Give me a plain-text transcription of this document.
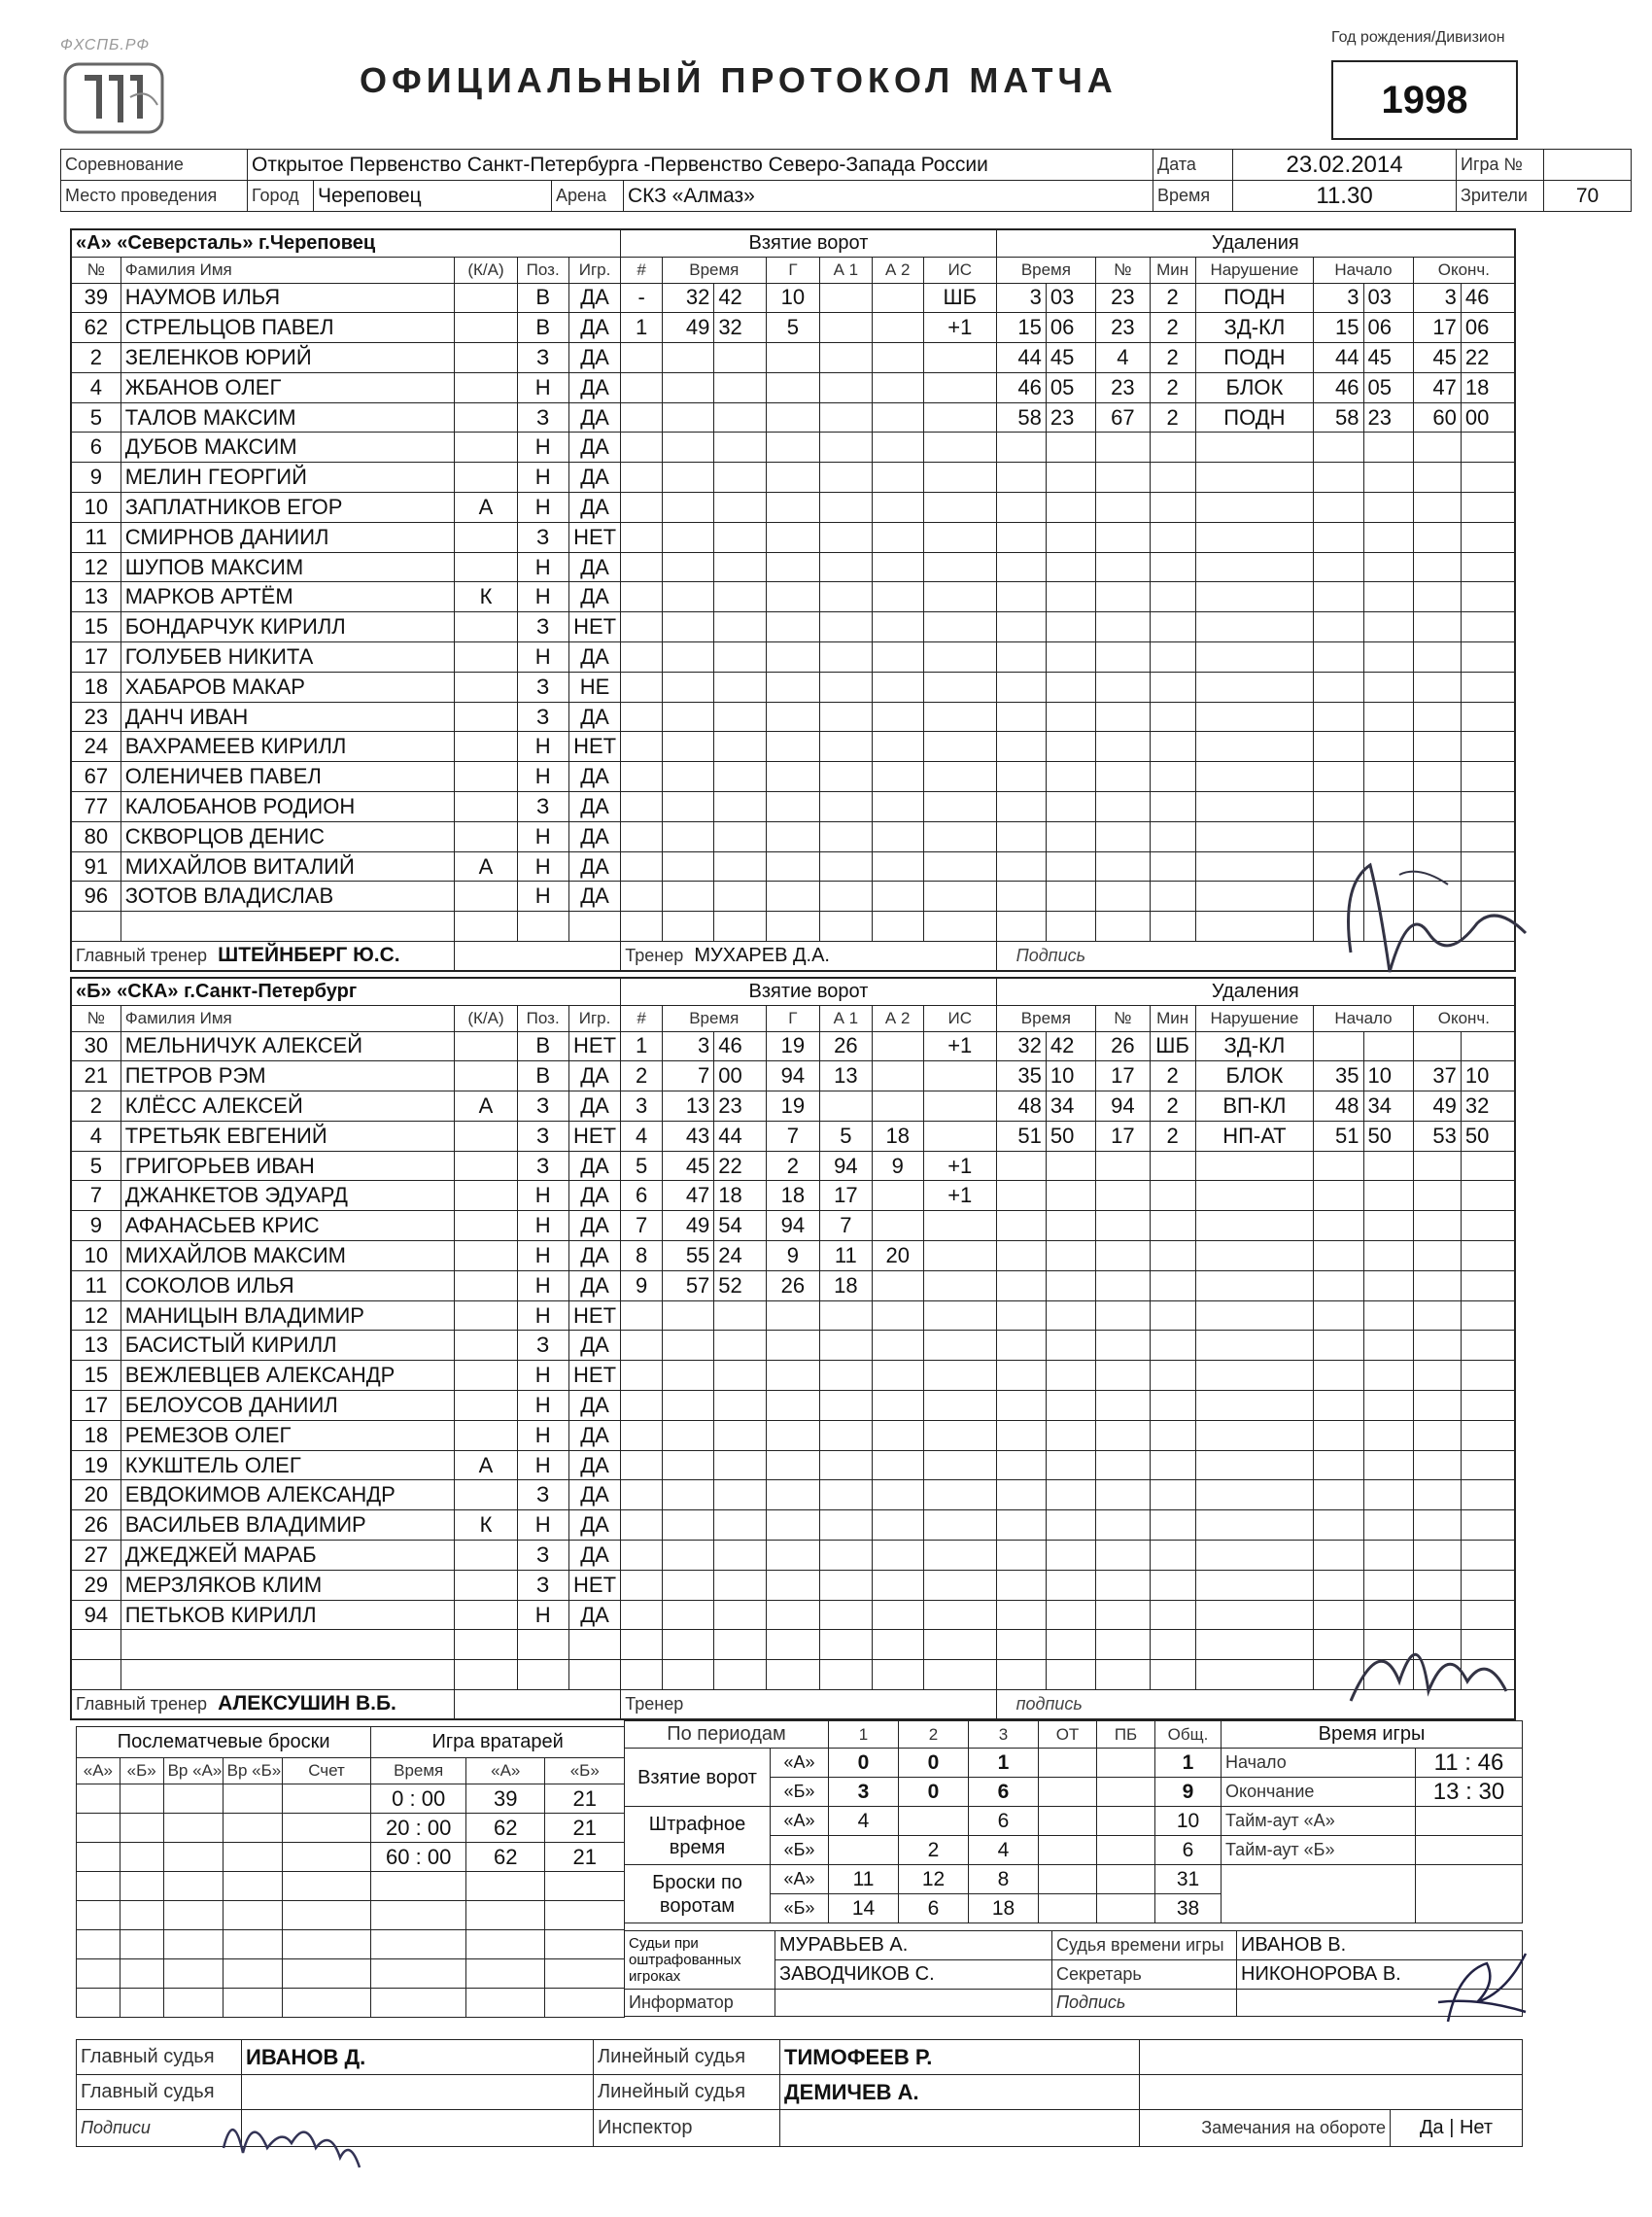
ФХСПБ.РФ
ОФИЦИАЛЬНЫЙ ПРОТОКОЛ МАТЧА
Год рождения/Дивизион
1998
Соревнование	Открытое Первенство Санкт-Петербурга -Первенство Северо-Запада России				Дата	23.02.2014	Игра №	
Место проведения	Город	Череповец	Арена	СКЗ «Алмаз»	Время	11.30	Зрители	70
«А» «Северсталь» г.Череповец					Взятие ворот							Удаления								
№	Фамилия Имя	(К/А)	Поз.	Игр.	#	Время		Г	А 1	А 2	ИС	Время		№	Мин	Нарушение	Начало		Оконч.	
39	НАУМОВ ИЛЬЯ		В	ДА	-	32	42	10			ШБ	3	03	23	2	ПОДН	3	03	3	46
62	СТРЕЛЬЦОВ ПАВЕЛ		В	ДА	1	49	32	5			+1	15	06	23	2	ЗД-КЛ	15	06	17	06
2	ЗЕЛЕНКОВ ЮРИЙ		З	ДА								44	45	4	2	ПОДН	44	45	45	22
4	ЖБАНОВ ОЛЕГ		Н	ДА								46	05	23	2	БЛОК	46	05	47	18
5	ТАЛОВ МАКСИМ		З	ДА								58	23	67	2	ПОДН	58	23	60	00
6	ДУБОВ МАКСИМ		Н	ДА																
9	МЕЛИН ГЕОРГИЙ		Н	ДА																
10	ЗАПЛАТНИКОВ ЕГОР	А	Н	ДА																
11	СМИРНОВ ДАНИИЛ		З	НЕТ																
12	ШУПОВ МАКСИМ		Н	ДА																
13	МАРКОВ АРТЁМ	К	Н	ДА																
15	БОНДАРЧУК КИРИЛЛ		З	НЕТ																
17	ГОЛУБЕВ НИКИТА		Н	ДА																
18	ХАБАРОВ МАКАР		З	НЕ																
23	ДАНЧ ИВАН		З	ДА																
24	ВАХРАМЕЕВ КИРИЛЛ		Н	НЕТ																
67	ОЛЕНИЧЕВ ПАВЕЛ		Н	ДА																
77	КАЛОБАНОВ РОДИОН		З	ДА																
80	СКВОРЦОВ ДЕНИС		Н	ДА																
91	МИХАЙЛОВ ВИТАЛИЙ	А	Н	ДА																
96	ЗОТОВ ВЛАДИСЛАВ		Н	ДА																

Главный тренер ШТЕЙНБЕРГ Ю.С.					Тренер МУХАРЕВ Д.А.							Подпись								
«Б» «СКА» г.Санкт-Петербург					Взятие ворот							Удаления								
№	Фамилия Имя	(К/А)	Поз.	Игр.	#	Время		Г	А 1	А 2	ИС	Время		№	Мин	Нарушение	Начало		Оконч.	
30	МЕЛЬНИЧУК АЛЕКСЕЙ		В	НЕТ	1	3	46	19	26		+1	32	42	26	ШБ	ЗД-КЛ				
21	ПЕТРОВ РЭМ		В	ДА	2	7	00	94	13			35	10	17	2	БЛОК	35	10	37	10
2	КЛЁСС АЛЕКСЕЙ	А	З	ДА	3	13	23	19				48	34	94	2	ВП-КЛ	48	34	49	32
4	ТРЕТЬЯК ЕВГЕНИЙ		З	НЕТ	4	43	44	7	5	18		51	50	17	2	НП-АТ	51	50	53	50
5	ГРИГОРЬЕВ ИВАН		З	ДА	5	45	22	2	94	9	+1									
7	ДЖАНКЕТОВ ЭДУАРД		Н	ДА	6	47	18	18	17		+1									
9	АФАНАСЬЕВ КРИС		Н	ДА	7	49	54	94	7											
10	МИХАЙЛОВ МАКСИМ		Н	ДА	8	55	24	9	11	20										
11	СОКОЛОВ ИЛЬЯ		Н	ДА	9	57	52	26	18											
12	МАНИЦЫН ВЛАДИМИР		Н	НЕТ																
13	БАСИСТЫЙ КИРИЛЛ		З	ДА																
15	ВЕЖЛЕВЦЕВ АЛЕКСАНДР		Н	НЕТ																
17	БЕЛОУСОВ ДАНИИЛ		Н	ДА																
18	РЕМЕЗОВ ОЛЕГ		Н	ДА																
19	КУКШТЕЛЬ ОЛЕГ	А	Н	ДА																
20	ЕВДОКИМОВ АЛЕКСАНДР		З	ДА																
26	ВАСИЛЬЕВ ВЛАДИМИР	К	Н	ДА																
27	ДЖЕДЖЕЙ МАРАБ		З	ДА																
29	МЕРЗЛЯКОВ КЛИМ		З	НЕТ																
94	ПЕТЬКОВ КИРИЛЛ		Н	ДА																

Главный тренер АЛЕКСУШИН В.Б.					Тренер							подпись								
Послематчевые броски					Игра вратарей		
«А»	«Б»	Вр «А»	Вр «Б»	Счет	Время	«А»	«Б»
					0 : 00	39	21
					20 : 00	62	21
					60 : 00	62	21

По периодам		1	2	3	ОТ	ПБ	Общ.
Взятие ворот	«А»	0	0	1			1
	«Б»	3	0	6			9
Штрафное время	«А»	4		6			10
	«Б»		2	4			6
Броски по воротам	«А»	11	12	8			31
	«Б»	14	6	18			38
Время игры	
Начало	11 : 46
Окончание	13 : 30
Тайм-аут «А»	
Тайм-аут «Б»	

Судьи при оштрафованных игроках	МУРАВЬЕВ А.	Судья времени игры	ИВАНОВ В.
	ЗАВОДЧИКОВ С.	Секретарь	НИКОНОРОВА В.
Информатор		Подпись	
Главный судья	ИВАНОВ Д.	Линейный судья	ТИМОФЕЕВ Р.		
Главный судья		Линейный судья	ДЕМИЧЕВ А.		
Подписи		Инспектор		Замечания на обороте	Да | Нет
